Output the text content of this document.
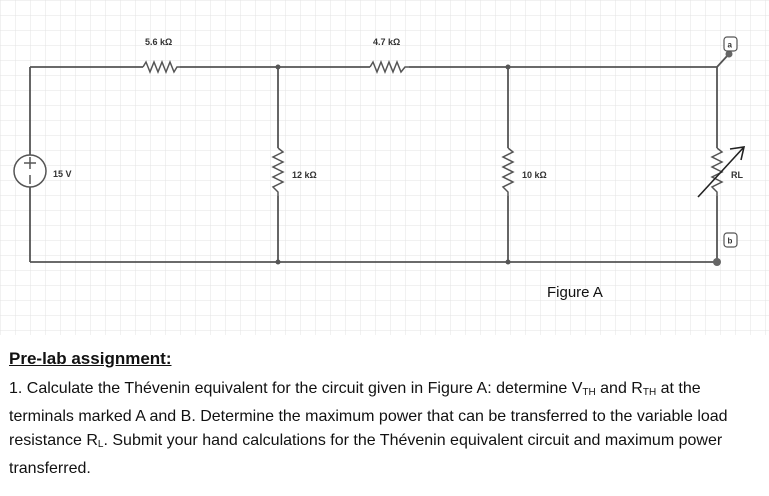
5.6 kΩ	4.7 kΩ
12 kΩ	10 kΩ	RL
a
b
15 V
Figure A

Pre-lab assignment:

1. Calculate the Thévenin equivalent for the circuit given in Figure A: determine $V_{TH}$ and $R_{TH}$ at the terminals marked A and B. Determine the maximum power that can be transferred to the variable load resistance $R_L$. Submit your hand calculations for the Thévenin equivalent circuit and maximum power transferred.
